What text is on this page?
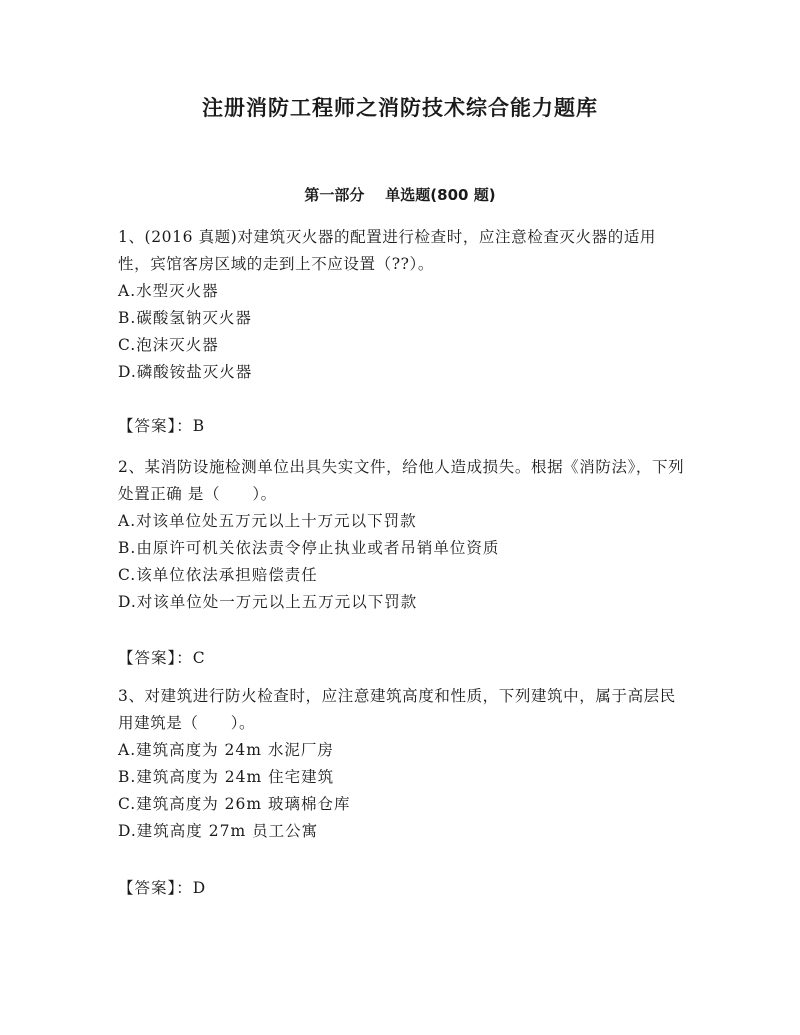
注册消防工程师之消防技术综合能力题库
第一部分    单选题(800 题)

1、(2016 真题)对建筑灭火器的配置进行检查时，应注意检查灭火器的适用性，宾馆客房区域的走到上不应设置（??）。

A.水型灭火器

B.碳酸氢钠灭火器

C.泡沫灭火器

D.磷酸铵盐灭火器

【答案】：B

2、某消防设施检测单位出具失实文件，给他人造成损失。根据《消防法》，下列处置正确 是（　　）。

A.对该单位处五万元以上十万元以下罚款

B.由原许可机关依法责令停止执业或者吊销单位资质

C.该单位依法承担赔偿责任

D.对该单位处一万元以上五万元以下罚款

【答案】：C

3、对建筑进行防火检查时，应注意建筑高度和性质，下列建筑中，属于高层民用建筑是（　　）。

A.建筑高度为 24m 水泥厂房

B.建筑高度为 24m 住宅建筑

C.建筑高度为 26m 玻璃棉仓库

D.建筑高度 27m 员工公寓

【答案】：D
